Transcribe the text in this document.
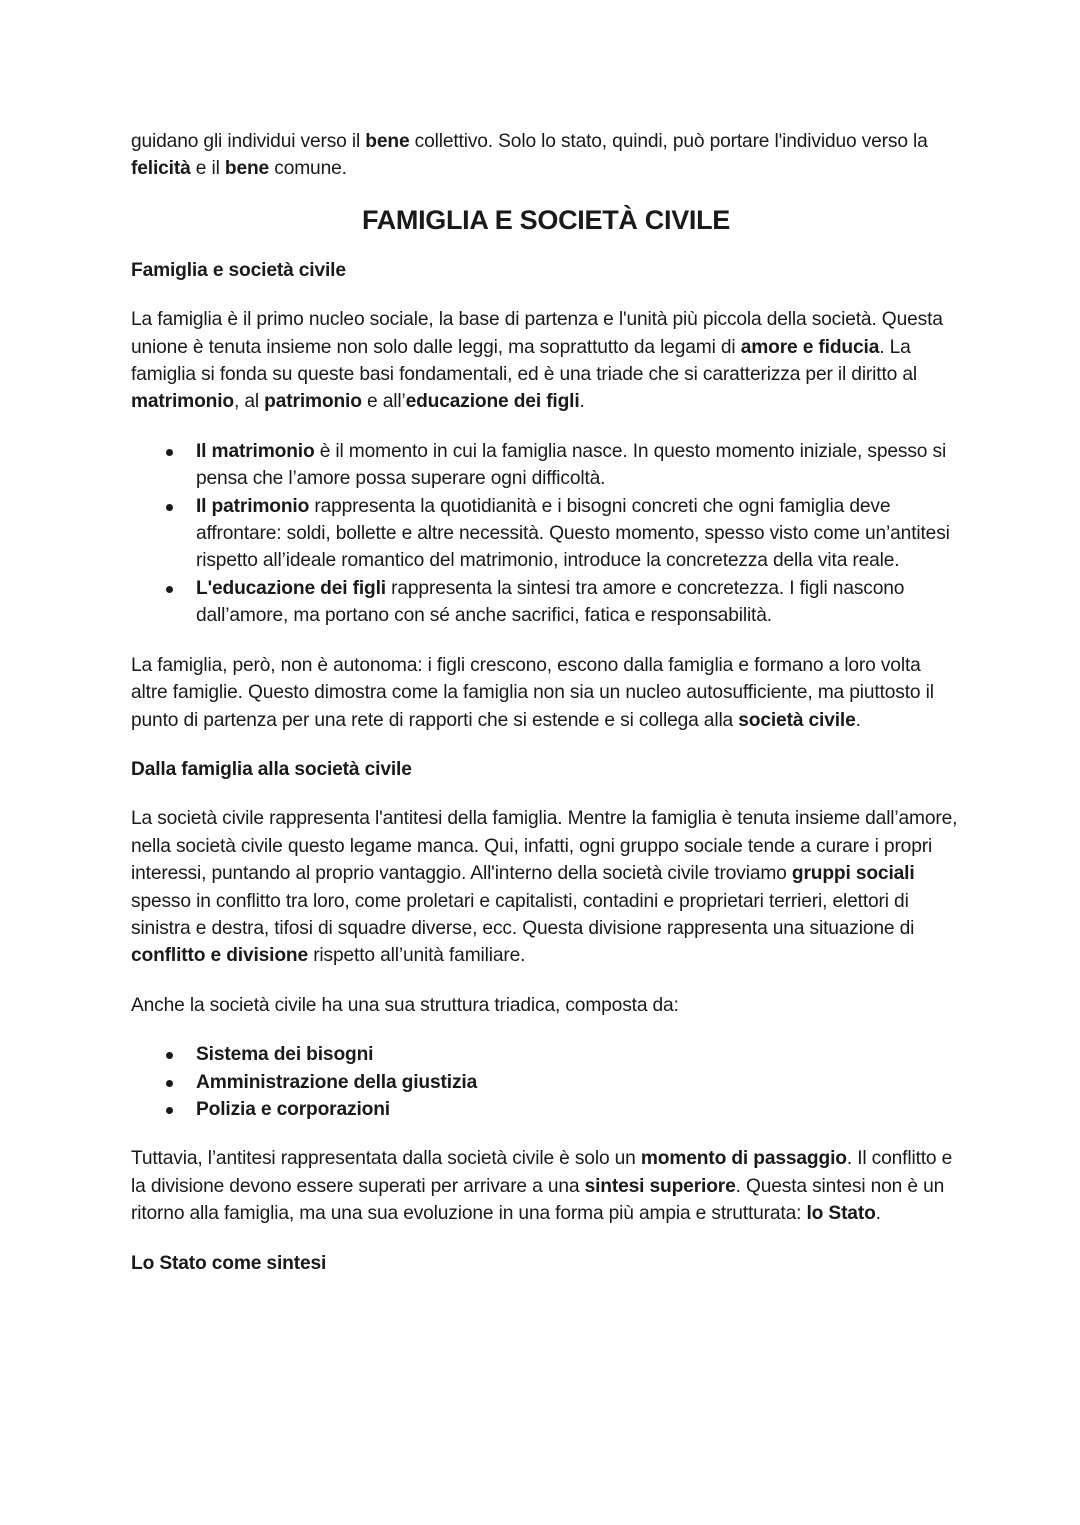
guidano gli individui verso il bene collettivo. Solo lo stato, quindi, può portare l'individuo verso la felicità e il bene comune.

FAMIGLIA E SOCIETÀ CIVILE
Famiglia e società civile

La famiglia è il primo nucleo sociale, la base di partenza e l'unità più piccola della società. Questa unione è tenuta insieme non solo dalle leggi, ma soprattutto da legami di amore e fiducia. La famiglia si fonda su queste basi fondamentali, ed è una triade che si caratterizza per il diritto al matrimonio, al patrimonio e all’educazione dei figli.

Il matrimonio è il momento in cui la famiglia nasce. In questo momento iniziale, spesso si pensa che l’amore possa superare ogni difficoltà.
Il patrimonio rappresenta la quotidianità e i bisogni concreti che ogni famiglia deve affrontare: soldi, bollette e altre necessità. Questo momento, spesso visto come un’antitesi rispetto all’ideale romantico del matrimonio, introduce la concretezza della vita reale.
L'educazione dei figli rappresenta la sintesi tra amore e concretezza. I figli nascono dall’amore, ma portano con sé anche sacrifici, fatica e responsabilità.

La famiglia, però, non è autonoma: i figli crescono, escono dalla famiglia e formano a loro volta altre famiglie. Questo dimostra come la famiglia non sia un nucleo autosufficiente, ma piuttosto il punto di partenza per una rete di rapporti che si estende e si collega alla società civile.

Dalla famiglia alla società civile

La società civile rappresenta l'antitesi della famiglia. Mentre la famiglia è tenuta insieme dall’amore, nella società civile questo legame manca. Qui, infatti, ogni gruppo sociale tende a curare i propri interessi, puntando al proprio vantaggio. All'interno della società civile troviamo gruppi sociali spesso in conflitto tra loro, come proletari e capitalisti, contadini e proprietari terrieri, elettori di sinistra e destra, tifosi di squadre diverse, ecc. Questa divisione rappresenta una situazione di conflitto e divisione rispetto all’unità familiare.

Anche la società civile ha una sua struttura triadica, composta da:

Sistema dei bisogni
Amministrazione della giustizia
Polizia e corporazioni

Tuttavia, l’antitesi rappresentata dalla società civile è solo un momento di passaggio. Il conflitto e la divisione devono essere superati per arrivare a una sintesi superiore. Questa sintesi non è un ritorno alla famiglia, ma una sua evoluzione in una forma più ampia e strutturata: lo Stato.

Lo Stato come sintesi
